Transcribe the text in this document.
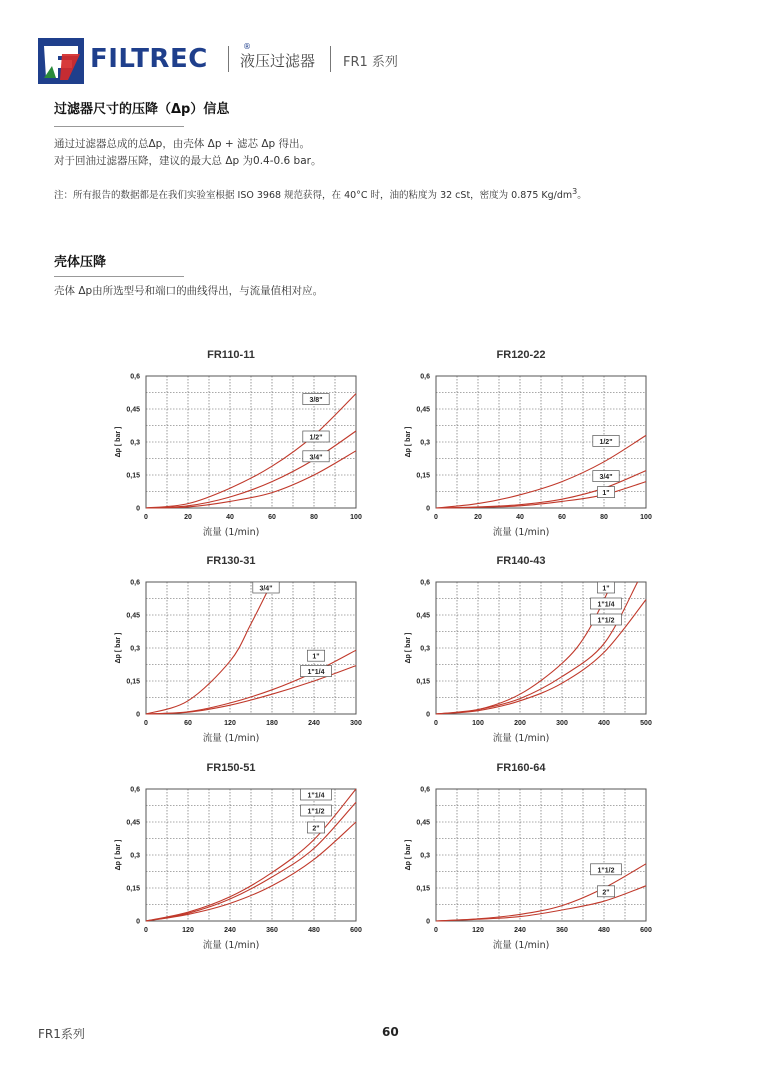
FILTREC	®
液压过滤器 FR1 系列
过滤器尺寸的压降（Δp）信息
通过过滤器总成的总Δp，由壳体 Δp + 滤芯 Δp 得出。
对于回油过滤器压降，建议的最大总 Δp 为0.4-0.6 bar。
注：所有报告的数据都是在我们实验室根据 ISO 3968 规范获得，在 40°C 时，油的粘度为 32 cSt，密度为 0.875 $Kg/dm^3$。
壳体压降
壳体 Δp由所选型号和端口的曲线得出，与流量值相对应。
FR110-11
0	20	40	60	80	100
0
0,15
0,3
0,45
0,6
Δp [ bar ]
流量 (1/min)
3/8"
1/2"
3/4"
FR120-22
0	20	40	60	80	100
0
0,15
0,3
0,45
0,6
Δp [ bar ]
流量 (1/min)
1/2"
3/4"
1"
FR130-31
0	60	120	180	240	300
0
0,15
0,3
0,45
0,6
Δp [ bar ]
流量 (1/min)
3/4"
1"
1"1/4
FR140-43
0	100	200	300	400	500
0
0,15
0,3
0,45
0,6
Δp [ bar ]
流量 (1/min)
1"
1"1/4
1"1/2
FR150-51
0	120	240	360	480	600
0
0,15
0,3
0,45
0,6
Δp [ bar ]
流量 (1/min)
1"1/4
1"1/2
2"
FR160-64
0	120	240	360	480	600
0
0,15
0,3
0,45
0,6
Δp [ bar ]
流量 (1/min)
1"1/2
2"
FR1系列	60
